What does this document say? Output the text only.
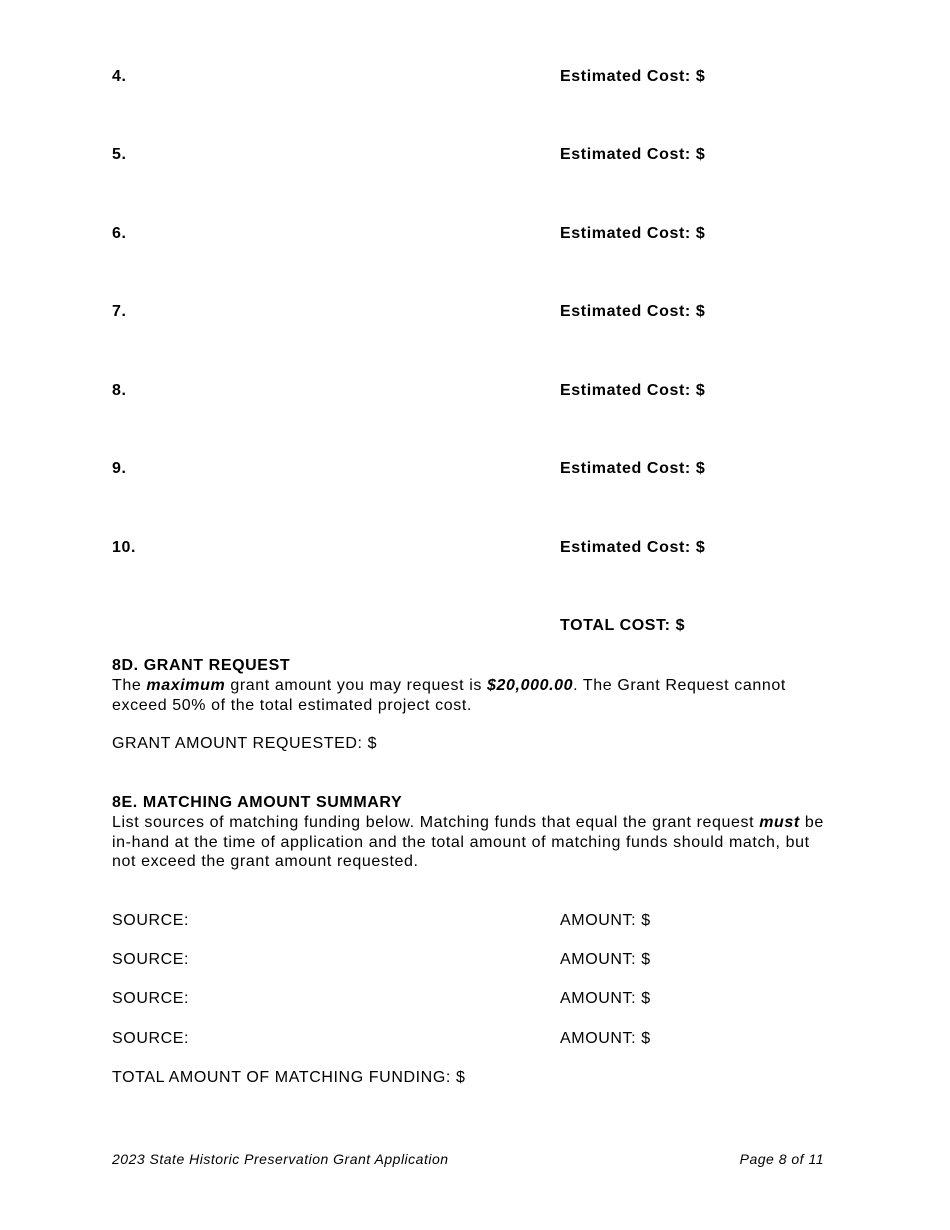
4.	Estimated Cost: $
5.	Estimated Cost: $
6.	Estimated Cost: $
7.	Estimated Cost: $
8.	Estimated Cost: $
9.	Estimated Cost: $
10.	Estimated Cost: $
TOTAL COST: $
8D. GRANT REQUEST
The maximum grant amount you may request is $20,000.00. The Grant Request cannot exceed 50% of the total estimated project cost.
GRANT AMOUNT REQUESTED: $
8E. MATCHING AMOUNT SUMMARY
List sources of matching funding below. Matching funds that equal the grant request must be in-hand at the time of application and the total amount of matching funds should match, but not exceed the grant amount requested.
SOURCE:	AMOUNT: $
SOURCE:	AMOUNT: $
SOURCE:	AMOUNT: $
SOURCE:	AMOUNT: $
TOTAL AMOUNT OF MATCHING FUNDING: $
2023 State Historic Preservation Grant Application	Page 8 of 11
